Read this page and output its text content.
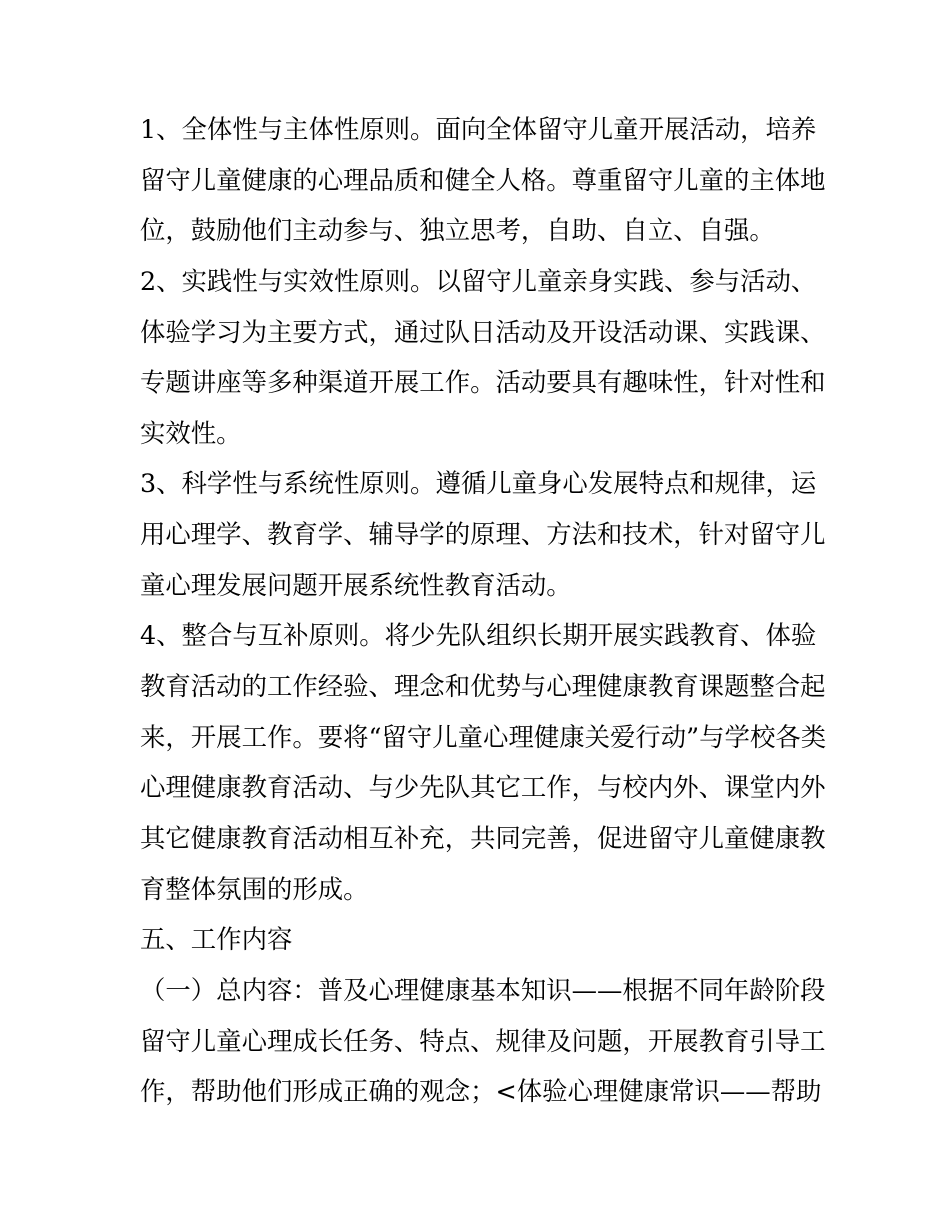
1、全体性与主体性原则。面向全体留守儿童开展活动，培养
留守儿童健康的心理品质和健全人格。尊重留守儿童的主体地
位，鼓励他们主动参与、独立思考，自助、自立、自强。
2、实践性与实效性原则。以留守儿童亲身实践、参与活动、
体验学习为主要方式，通过队日活动及开设活动课、实践课、
专题讲座等多种渠道开展工作。活动要具有趣味性，针对性和
实效性。
3、科学性与系统性原则。遵循儿童身心发展特点和规律，运
用心理学、教育学、辅导学的原理、方法和技术，针对留守儿
童心理发展问题开展系统性教育活动。
4、整合与互补原则。将少先队组织长期开展实践教育、体验
教育活动的工作经验、理念和优势与心理健康教育课题整合起
来，开展工作。要将“留守儿童心理健康关爱行动”与学校各类
心理健康教育活动、与少先队其它工作，与校内外、课堂内外
其它健康教育活动相互补充，共同完善，促进留守儿童健康教
育整体氛围的形成。
五、工作内容
（一）总内容：普及心理健康基本知识——根据不同年龄阶段
留守儿童心理成长任务、特点、规律及问题，开展教育引导工
作，帮助他们形成正确的观念；<体验心理健康常识——帮助
